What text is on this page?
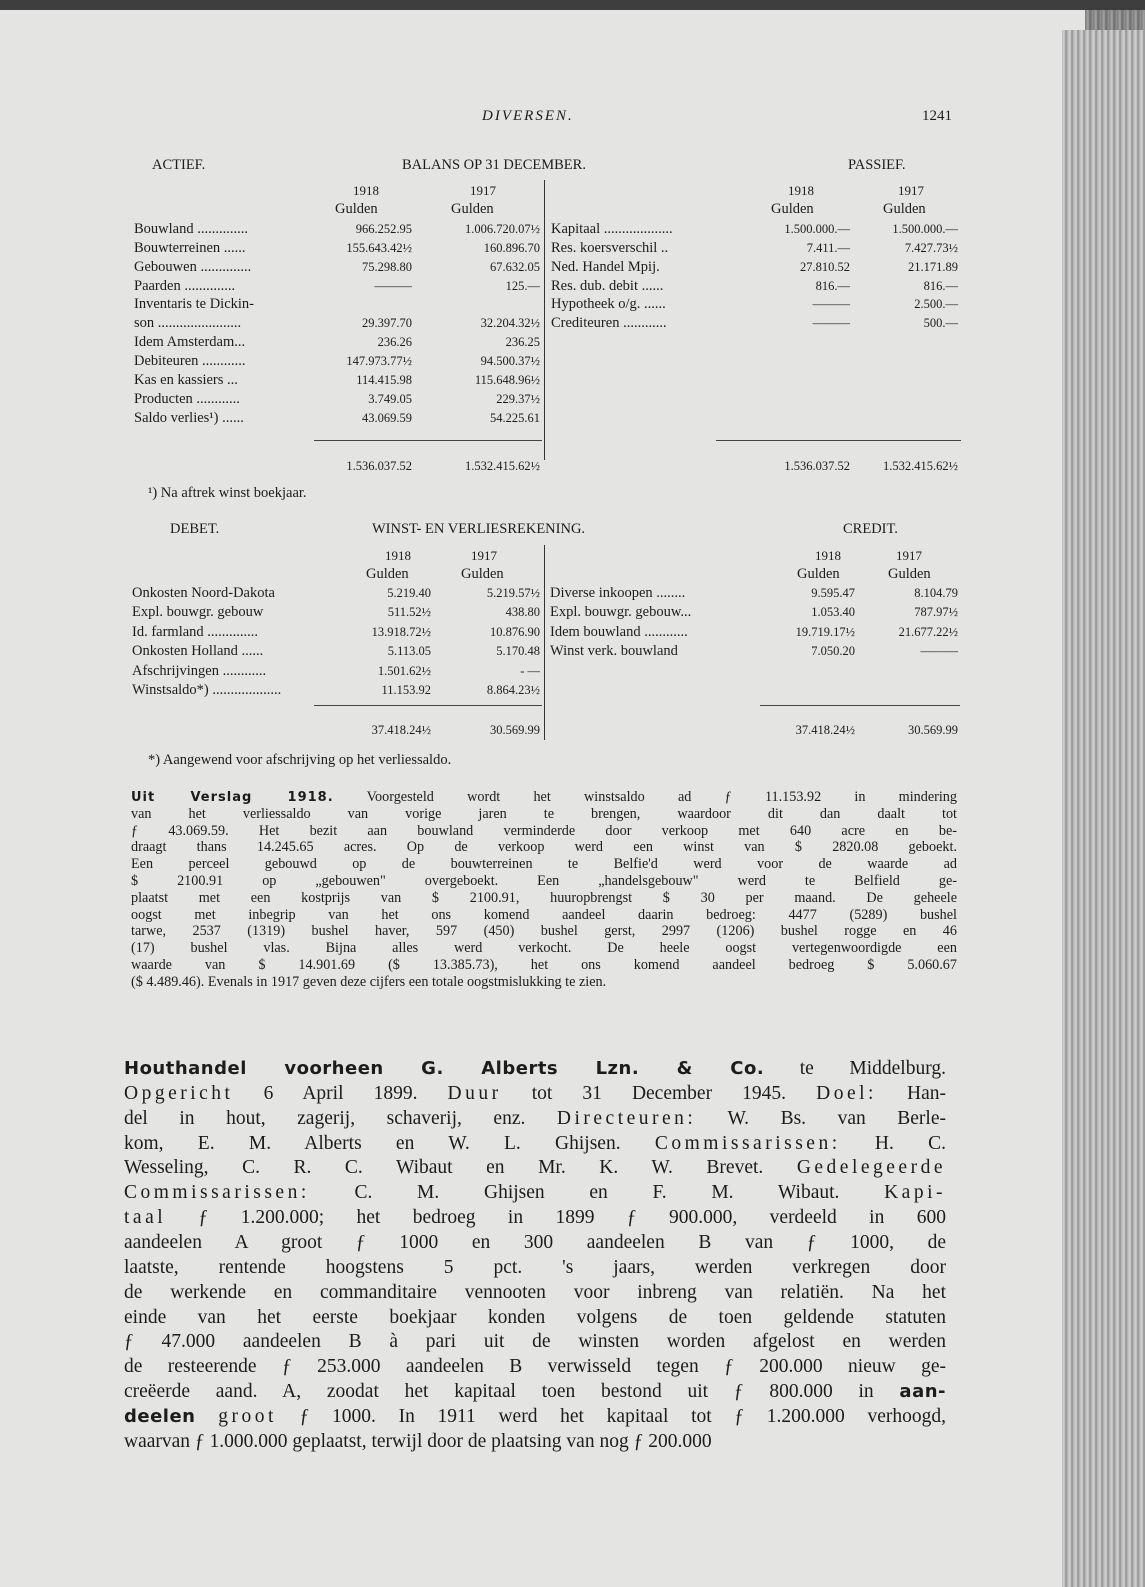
DIVERSEN.	1241
ACTIEF.	BALANS OP 31 DECEMBER.	PASSIEF.
1918
Gulden
1917
Gulden
1918
Gulden
1917
Gulden
Bouwland ..............	966.252.95	1.006.720.07½
Bouwterreinen ......	155.643.42½	160.896.70
Gebouwen ..............	75.298.80	67.632.05
Paarden ..............	———	125.—
Inventaris te Dickin-
son .......................	29.397.70	32.204.32½
Idem Amsterdam...	236.26	236.25
Debiteuren ............	147.973.77½	94.500.37½
Kas en kassiers ...	114.415.98	115.648.96½
Producten ............	3.749.05	229.37½
Saldo verlies¹) ......	43.069.59	54.225.61
Kapitaal ...................	1.500.000.—	1.500.000.—
Res. koersverschil ..	7.411.—	7.427.73½
Ned. Handel Mpij.	27.810.52	21.171.89
Res. dub. debit ......	816.—	816.—
Hypotheek o/g. ......	———	2.500.—
Crediteuren ............	———	500.—
1.536.037.52	1.532.415.62½	1.536.037.52	1.532.415.62½
¹) Na aftrek winst boekjaar.
DEBET.	WINST- EN VERLIESREKENING.	CREDIT.
1918
Gulden
1917
Gulden
1918
Gulden
1917
Gulden
Onkosten Noord-Dakota	5.219.40	5.219.57½
Expl. bouwgr. gebouw	511.52½	438.80
Id. farmland ..............	13.918.72½	10.876.90
Onkosten Holland ......	5.113.05	5.170.48
Afschrijvingen ............	1.501.62½	- —
Winstsaldo*) ...................	11.153.92	8.864.23½
Diverse inkoopen ........	9.595.47	8.104.79
Expl. bouwgr. gebouw...	1.053.40	787.97½
Idem bouwland ............	19.719.17½	21.677.22½
Winst verk. bouwland	7.050.20	———
37.418.24½	30.569.99	37.418.24½	30.569.99
*) Aangewend voor afschrijving op het verliessaldo.
Uit Verslag 1918. Voorgesteld wordt het winstsaldo ad ƒ 11.153.92 in mindering
van het verliessaldo van vorige jaren te brengen, waardoor dit dan daalt tot
ƒ 43.069.59. Het bezit aan bouwland verminderde door verkoop met 640 acre en be-
draagt thans 14.245.65 acres. Op de verkoop werd een winst van $ 2820.08 geboekt.
Een perceel gebouwd op de bouwterreinen te Belfie'd werd voor de waarde ad
$ 2100.91 op „gebouwen" overgeboekt. Een „handelsgebouw" werd te Belfield ge-
plaatst met een kostprijs van $ 2100.91, huuropbrengst $ 30 per maand. De geheele
oogst met inbegrip van het ons komend aandeel daarin bedroeg: 4477 (5289) bushel
tarwe, 2537 (1319) bushel haver, 597 (450) bushel gerst, 2997 (1206) bushel rogge en 46
(17) bushel vlas. Bijna alles werd verkocht. De heele oogst vertegenwoordigde een
waarde van $ 14.901.69 ($ 13.385.73), het ons komend aandeel bedroeg $ 5.060.67
($ 4.489.46). Evenals in 1917 geven deze cijfers een totale oogstmislukking te zien.
Houthandel voorheen G. Alberts Lzn. & Co. te Middelburg.
Opgericht 6 April 1899. Duur tot 31 December 1945. Doel: Han-
del in hout, zagerij, schaverij, enz. Directeuren: W. Bs. van Berle-
kom, E. M. Alberts en W. L. Ghijsen. Commissarissen: H. C.
Wesseling, C. R. C. Wibaut en Mr. K. W. Brevet. Gedelegeerde
Commissarissen: C. M. Ghijsen en F. M. Wibaut. Kapi-
taal ƒ 1.200.000; het bedroeg in 1899 ƒ 900.000, verdeeld in 600
aandeelen A groot ƒ 1000 en 300 aandeelen B van ƒ 1000, de
laatste, rentende hoogstens 5 pct. 's jaars, werden verkregen door
de werkende en commanditaire vennooten voor inbreng van relatiën. Na het
einde van het eerste boekjaar konden volgens de toen geldende statuten
ƒ 47.000 aandeelen B à pari uit de winsten worden afgelost en werden
de resteerende ƒ 253.000 aandeelen B verwisseld tegen ƒ 200.000 nieuw ge-
creëerde aand. A, zoodat het kapitaal toen bestond uit ƒ 800.000 in aan-
deelen groot ƒ 1000. In 1911 werd het kapitaal tot ƒ 1.200.000 verhoogd,
waarvan ƒ 1.000.000 geplaatst, terwijl door de plaatsing van nog ƒ 200.000
